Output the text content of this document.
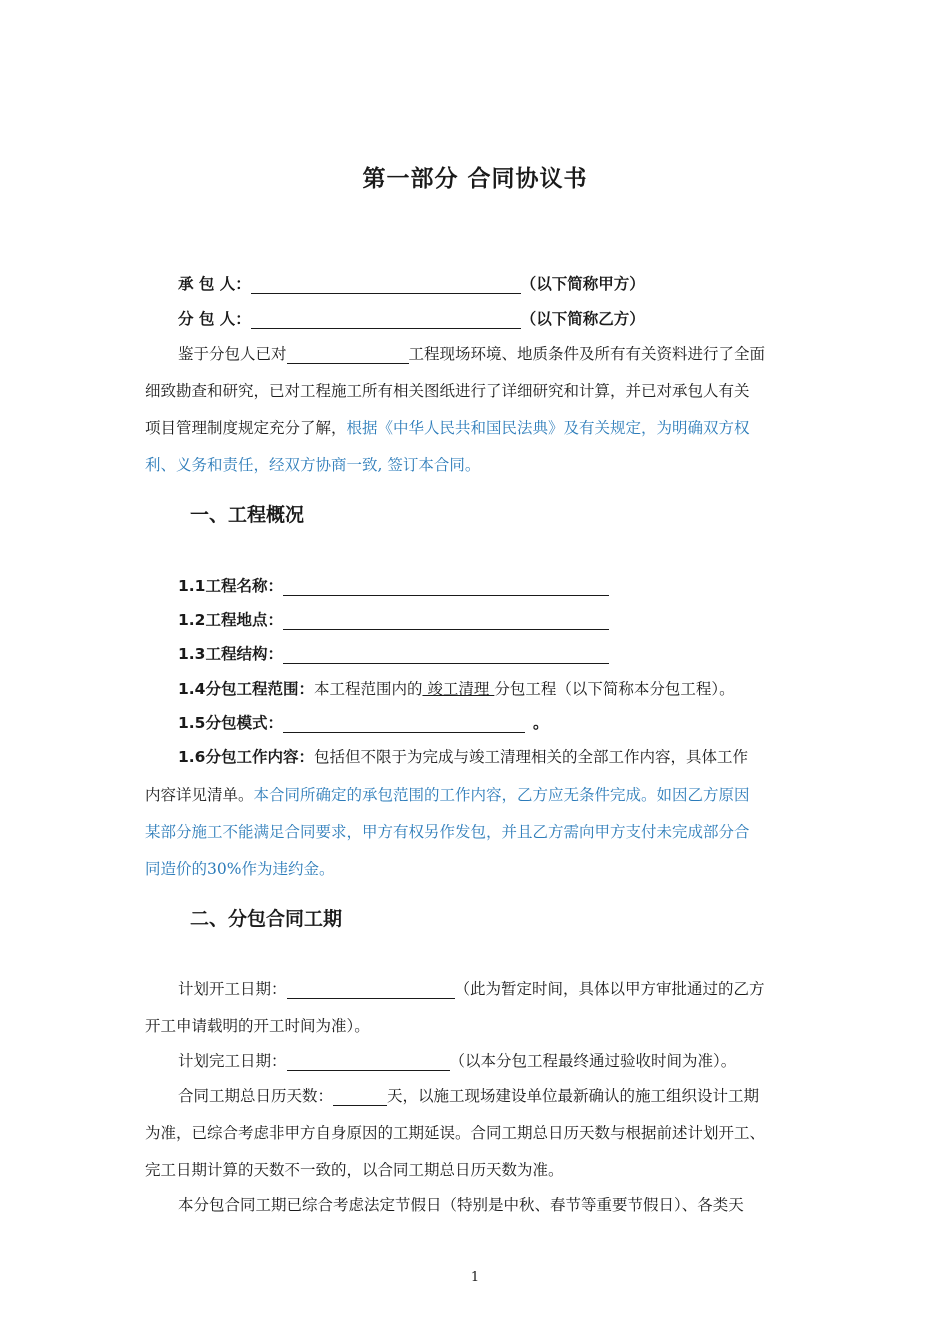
第一部分 合同协议书
承 包 人：	（以下简称甲方）
分 包 人：	（以下简称乙方）
鉴于分包人已对	工程现场环境、地质条件及所有有关资料进行了全面
细致勘查和研究，已对工程施工所有相关图纸进行了详细研究和计算，并已对承包人有关
项目管理制度规定充分了解，根据《中华人民共和国民法典》及有关规定，为明确双方权
利、义务和责任，经双方协商一致, 签订本合同。
一、工程概况
1.1工程名称：
1.2工程地点：
1.3工程结构：
1.4分包工程范围：本工程范围内的 竣工清理 分包工程（以下简称本分包工程）。
1.5分包模式：	。
1.6分包工作内容：包括但不限于为完成与竣工清理相关的全部工作内容，具体工作
内容详见清单。本合同所确定的承包范围的工作内容，乙方应无条件完成。如因乙方原因
某部分施工不能满足合同要求，甲方有权另作发包，并且乙方需向甲方支付未完成部分合
同造价的30%作为违约金。
二、分包合同工期
计划开工日期：	（此为暂定时间，具体以甲方审批通过的乙方
开工申请载明的开工时间为准）。
计划完工日期：	（以本分包工程最终通过验收时间为准）。
合同工期总日历天数：	天，以施工现场建设单位最新确认的施工组织设计工期
为准，已综合考虑非甲方自身原因的工期延误。合同工期总日历天数与根据前述计划开工、
完工日期计算的天数不一致的，以合同工期总日历天数为准。
本分包合同工期已综合考虑法定节假日（特别是中秋、春节等重要节假日）、各类天
1
